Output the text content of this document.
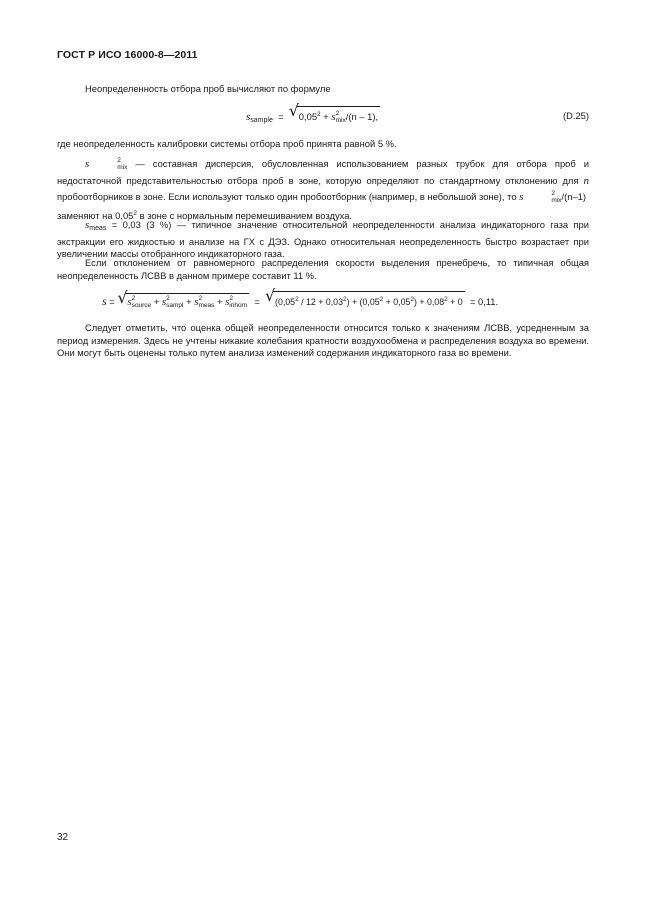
ГОСТ Р ИСО 16000-8—2011
Неопределенность отбора проб вычисляют по формуле
$s_{sample}$ = √ $0,05^2 + s$ 2
mix /(n – 1),	(D.25)
где неопределенность калибровки системы отбора проб принята равной 5 %.
s	2
mix — составная дисперсия, обусловленная использованием разных трубок для отбора проб и недостаточной представительностью отбора проб в зоне, которую определяют по стандартному отклонению для n пробоотборников в зоне. Если используют только один пробоотборник (например, в небольшой зоне), то s	2
mix /(n–1)
заменяют на 0,05$^2$ в зоне с нормальным перемешиванием воздуха.
$s_{meas} = 0,03$ (3 %) — типичное значение относительной неопределенности анализа индикаторного газа при экстракции его жидкостью и анализе на ГХ с ДЭЗ. Однако относительная неопределенность быстро возрастает при увеличении массы отобранного индикаторного газа.
Если отклонением от равномерного распределения скорости выделения пренебречь, то типичная общая неопределенность ЛСВВ в данном примере составит 11 %.
s = √ s 2
source + s 2
sampl + s 2
meas + s 2
inhom = √ $(0,05^2 / 12 + 0,03^2) + (0,05^2 + 0,05^2) + 0,08^2 + 0 = 0,11$.
Следует отметить, что оценка общей неопределенности относится только к значениям ЛСВВ, усредненным за период измерения. Здесь не учтены никакие колебания кратности воздухообмена и распределения воздуха во времени. Они могут быть оценены только путем анализа изменений содержания индикаторного газа во времени.
32
